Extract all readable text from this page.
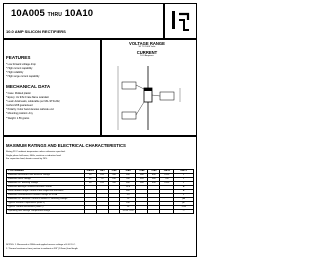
10A005 THRU 10A10
10.0 AMP SILICON RECTIFIERS
FEATURES
* Low forward voltage drop
* High current capability
* High reliability
* High surge current capability
MECHANICAL DATA
* Case: Molded plastic
* Epoxy: UL 94V-0 rate flame retardant
* Lead: Axial leads, solderable per MIL-STD-202,
method 208 guaranteed
* Polarity: Color band denotes cathode end
* Mounting position: Any
* Weight: 1.56 grams
VOLTAGE RANGE
50 TO 1000 Volts
CURRENT
10.0 Amperes
MAXIMUM RATINGS AND ELECTRICAL CHARACTERISTICS
Rating 25°C ambient temperature unless otherwise specified.
Single phase half wave, 60Hz, resistive or inductive load.
For capacitive load, derate current by 20%.
TYPE NUMBER	10A005	10A1	10A2	10A4	10A6	10A8	10A10	UNITS
Maximum Recurrent Peak Reverse Voltage	50	100	200	400	600	800	1000	V
Maximum RMS Voltage	35	70	140	280	420	560	700	V
Maximum DC Blocking Voltage	50	100	200	400	600	800	1000	V
Maximum Average Forward Rectified Current				10.0				A
Peak Forward Surge Current 8.3ms single half sine-wave				600				A
Maximum Instantaneous Forward Voltage at 10.0A				1.0				V
Maximum DC Reverse Current at Rated DC Blocking Voltage				10				µA
Typical Junction Capacitance (Note 1)				100				pF
Typical Thermal Resistance (Note 2)				10				°C/W
Operating and Storage Temperature Range				-65 to +150				°C
NOTES: 1. Measured at 1MHz and applied reverse voltage of 4.0V D.C.
2. Thermal resistance from junction to ambient at 3/8" (9.5mm) lead length
